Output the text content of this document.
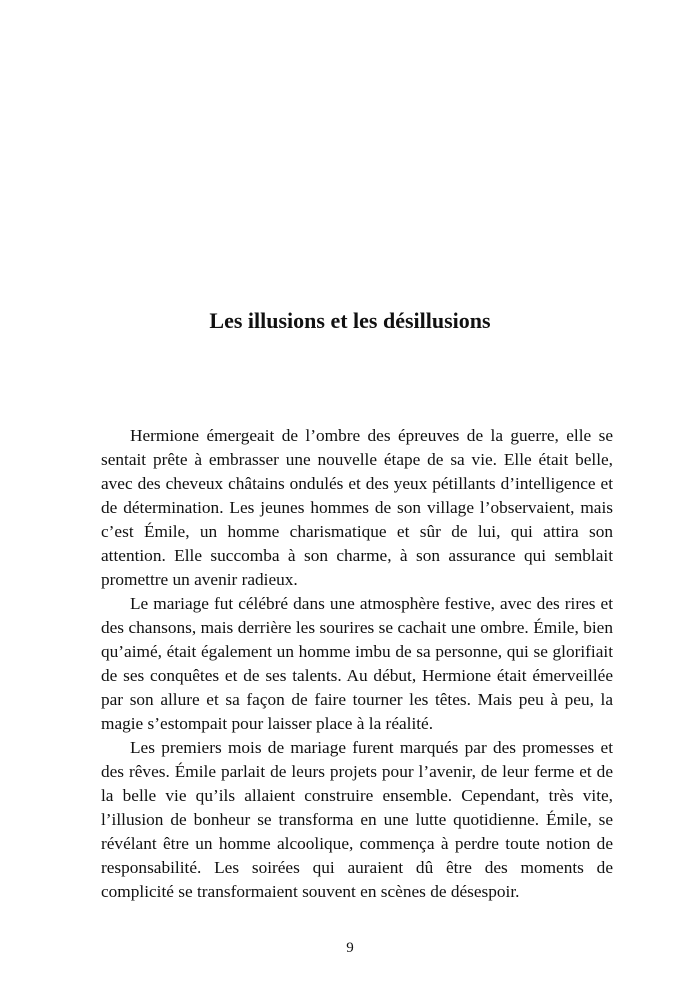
Les illusions et les désillusions

Hermione émergeait de l’ombre des épreuves de la guerre, elle se sentait prête à embrasser une nouvelle étape de sa vie. Elle était belle, avec des cheveux châtains ondulés et des yeux pétillants d’intelligence et de détermination. Les jeunes hommes de son village l’observaient, mais c’est Émile, un homme charismatique et sûr de lui, qui attira son attention. Elle succomba à son charme, à son assurance qui semblait promettre un avenir radieux.

Le mariage fut célébré dans une atmosphère festive, avec des rires et des chansons, mais derrière les sourires se cachait une ombre. Émile, bien qu’aimé, était également un homme imbu de sa personne, qui se glorifiait de ses conquêtes et de ses talents. Au début, Hermione était émerveillée par son allure et sa façon de faire tourner les têtes. Mais peu à peu, la magie s’estompait pour laisser place à la réalité.

Les premiers mois de mariage furent marqués par des promesses et des rêves. Émile parlait de leurs projets pour l’avenir, de leur ferme et de la belle vie qu’ils allaient construire ensemble. Cependant, très vite, l’illusion de bonheur se transforma en une lutte quotidienne. Émile, se révélant être un homme alcoolique, commença à perdre toute notion de responsabilité. Les soirées qui auraient dû être des moments de complicité se transformaient souvent en scènes de désespoir.

9
